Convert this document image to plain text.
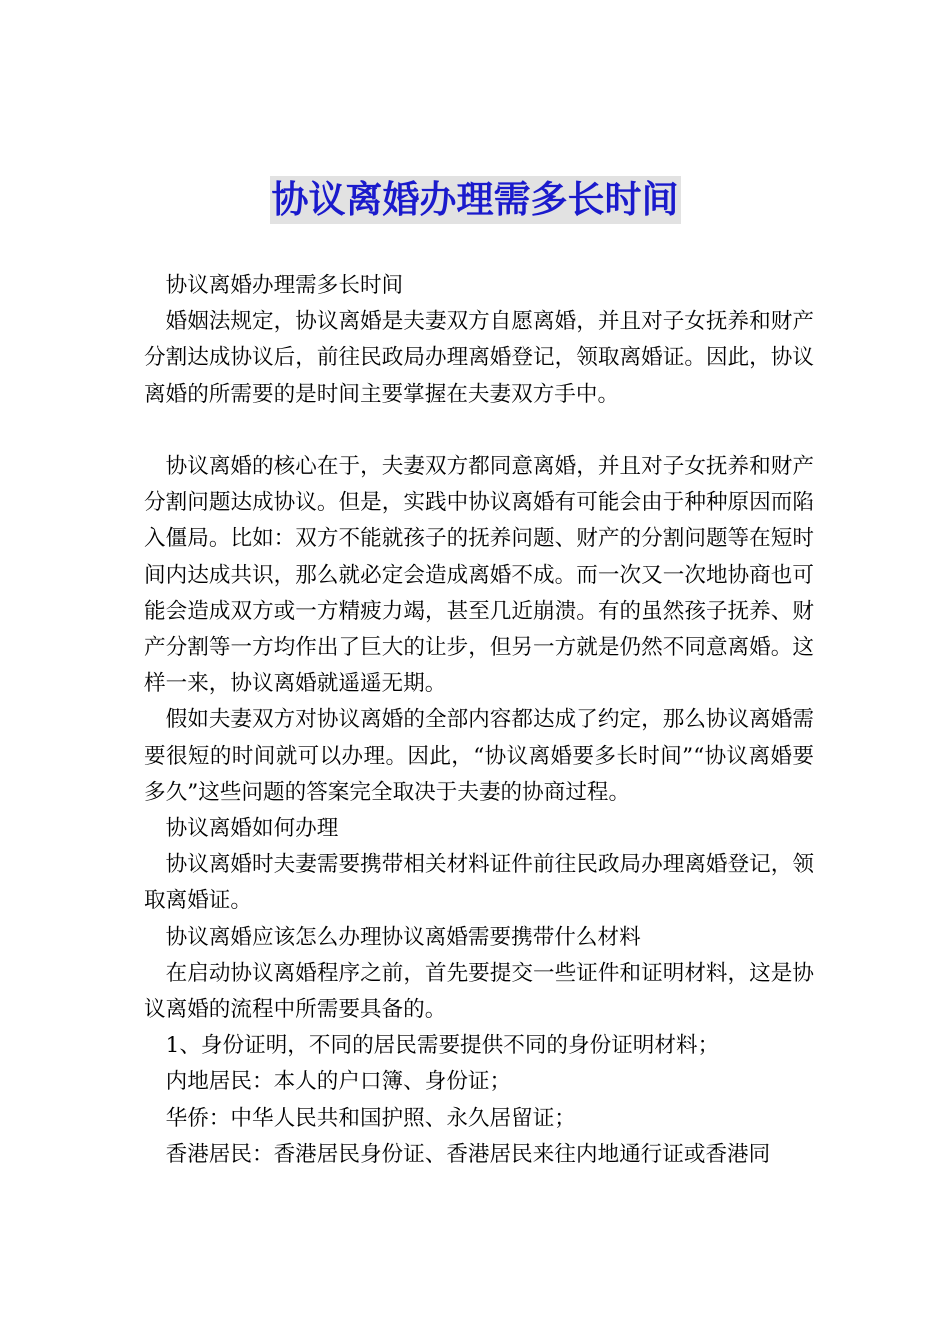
协议离婚办理需多长时间

协议离婚办理需多长时间

婚姻法规定，协议离婚是夫妻双方自愿离婚，并且对子女抚养和财产分割达成协议后，前往民政局办理离婚登记，领取离婚证。因此，协议离婚的所需要的是时间主要掌握在夫妻双方手中。

协议离婚的核心在于，夫妻双方都同意离婚，并且对子女抚养和财产分割问题达成协议。但是，实践中协议离婚有可能会由于种种原因而陷入僵局。比如：双方不能就孩子的抚养问题、财产的分割问题等在短时间内达成共识，那么就必定会造成离婚不成。而一次又一次地协商也可能会造成双方或一方精疲力竭，甚至几近崩溃。有的虽然孩子抚养、财产分割等一方均作出了巨大的让步，但另一方就是仍然不同意离婚。这样一来，协议离婚就遥遥无期。

假如夫妻双方对协议离婚的全部内容都达成了约定，那么协议离婚需要很短的时间就可以办理。因此，“协议离婚要多长时间”“协议离婚要多久”这些问题的答案完全取决于夫妻的协商过程。

协议离婚如何办理

协议离婚时夫妻需要携带相关材料证件前往民政局办理离婚登记，领取离婚证。

协议离婚应该怎么办理协议离婚需要携带什么材料

在启动协议离婚程序之前，首先要提交一些证件和证明材料，这是协议离婚的流程中所需要具备的。

1、身份证明，不同的居民需要提供不同的身份证明材料；

内地居民：本人的户口簿、身份证；

华侨：中华人民共和国护照、永久居留证；

香港居民：香港居民身份证、香港居民来往内地通行证或香港同
